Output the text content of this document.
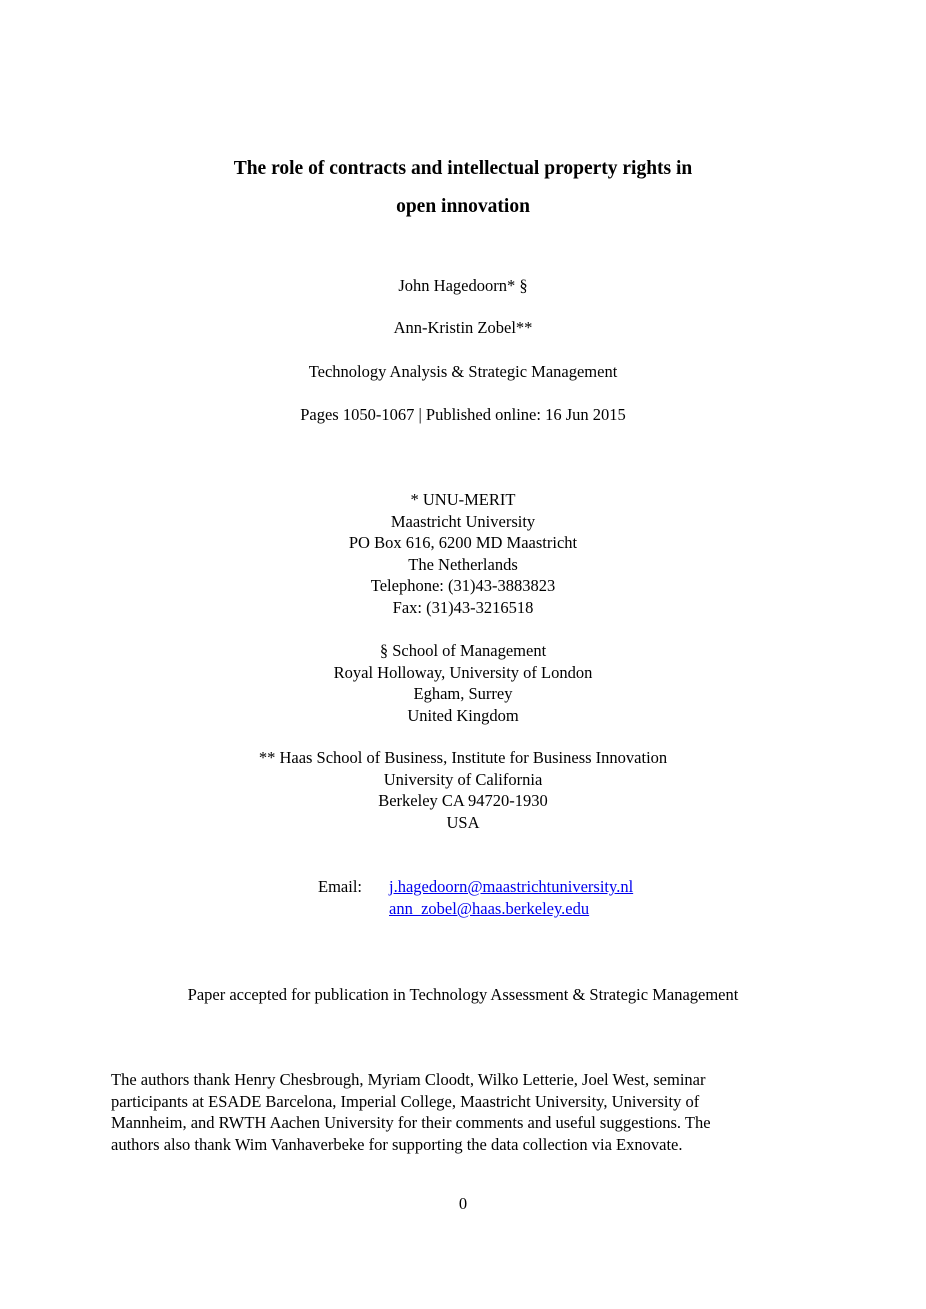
The role of contracts and intellectual property rights in
open innovation
John Hagedoorn* §
Ann-Kristin Zobel**
Technology Analysis & Strategic Management
Pages 1050-1067 | Published online: 16 Jun 2015
* UNU-MERIT
Maastricht University
PO Box 616, 6200 MD Maastricht
The Netherlands
Telephone: (31)43-3883823
Fax: (31)43-3216518
§ School of Management
Royal Holloway, University of London
Egham, Surrey
United Kingdom
** Haas School of Business, Institute for Business Innovation
University of California
Berkeley CA 94720-1930
USA
Email: j.hagedoorn@maastrichtuniversity.nl
ann_zobel@haas.berkeley.edu
Paper accepted for publication in Technology Assessment & Strategic Management
The authors thank Henry Chesbrough, Myriam Cloodt, Wilko Letterie, Joel West, seminar
participants at ESADE Barcelona, Imperial College, Maastricht University, University of
Mannheim, and RWTH Aachen University for their comments and useful suggestions. The
authors also thank Wim Vanhaverbeke for supporting the data collection via Exnovate.
0
